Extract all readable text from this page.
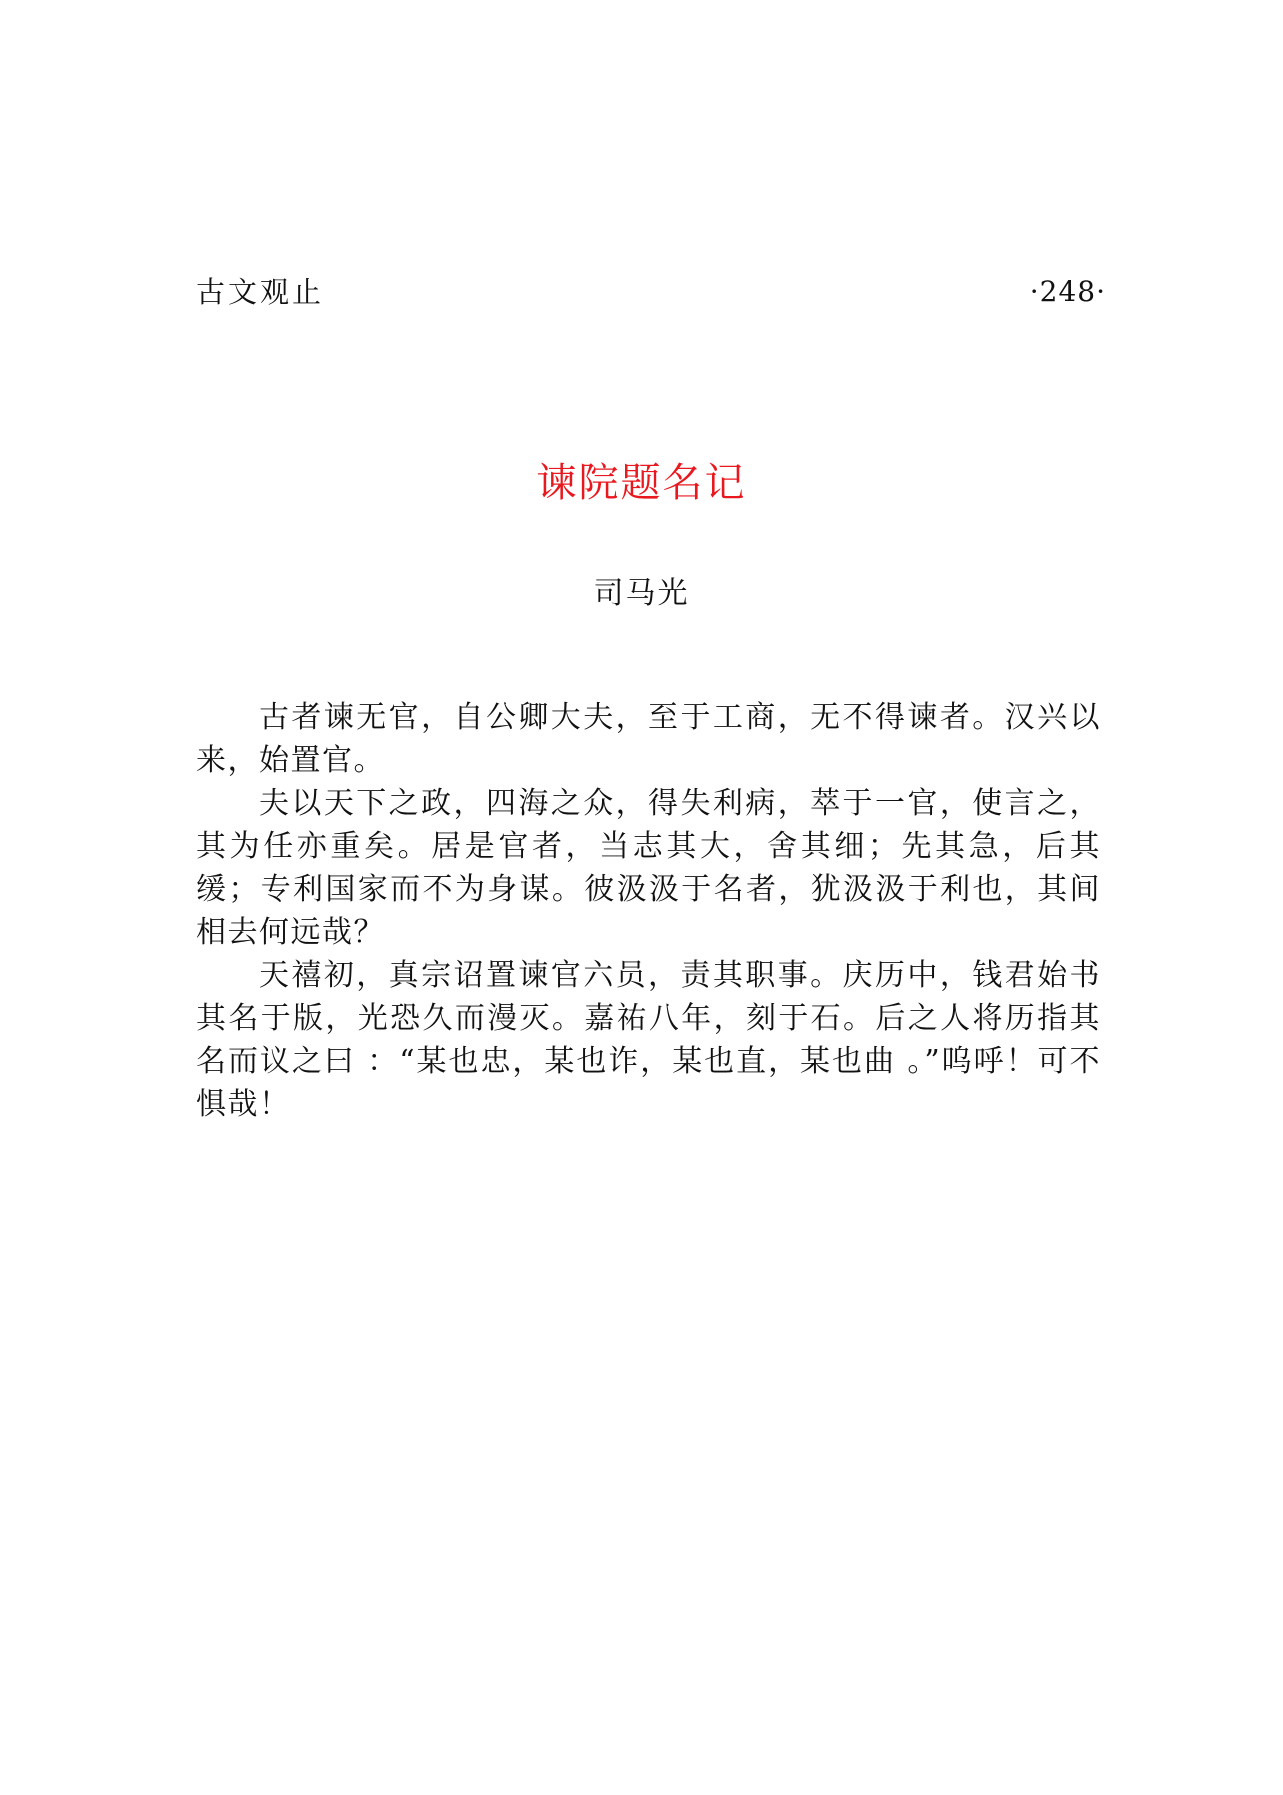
古文观止	·248·
谏院题名记
司马光

古者谏无官，自公卿大夫，至于工商，无不得谏者。汉兴以来，始置官。

夫以天下之政，四海之众，得失利病，萃于一官，使言之，其为任亦重矣。居是官者，当志其大，舍其细；先其急，后其缓；专利国家而不为身谋。彼汲汲于名者，犹汲汲于利也，其间相去何远哉？

天禧初，真宗诏置谏官六员，责其职事。庆历中，钱君始书其名于版，光恐久而漫灭。嘉祐八年，刻于石。后之人将历指其名而议之曰 ：“某也忠，某也诈，某也直，某也曲 。”呜呼！可不惧哉！
